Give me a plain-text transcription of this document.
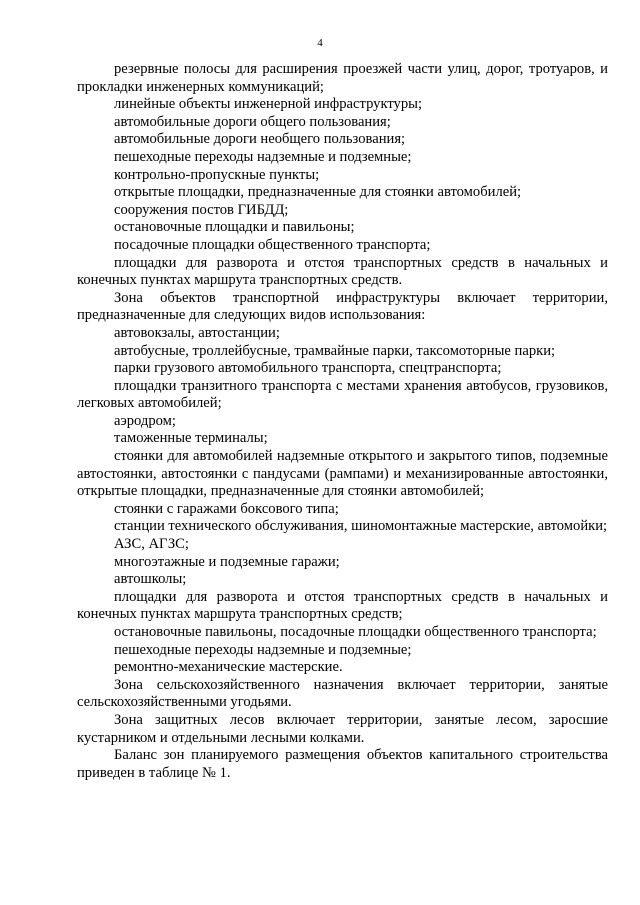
4

резервные полосы для расширения проезжей части улиц, дорог, тротуаров, и прокладки инженерных коммуникаций;

линейные объекты инженерной инфраструктуры;

автомобильные дороги общего пользования;

автомобильные дороги необщего пользования;

пешеходные переходы надземные и подземные;

контрольно-пропускные пункты;

открытые площадки, предназначенные для стоянки автомобилей;

сооружения постов ГИБДД;

остановочные площадки и павильоны;

посадочные площадки общественного транспорта;

площадки для разворота и отстоя транспортных средств в начальных и конечных пунктах маршрута транспортных средств.

Зона объектов транспортной инфраструктуры включает территории, предназначенные для следующих видов использования:

автовокзалы, автостанции;

автобусные, троллейбусные, трамвайные парки, таксомоторные парки;

парки грузового автомобильного транспорта, спецтранспорта;

площадки транзитного транспорта с местами хранения автобусов, грузовиков, легковых автомобилей;

аэродром;

таможенные терминалы;

стоянки для автомобилей надземные открытого и закрытого типов, подземные автостоянки, автостоянки с пандусами (рампами) и механизированные автостоянки, открытые площадки, предназначенные для стоянки автомобилей;

стоянки с гаражами боксового типа;

станции технического обслуживания, шиномонтажные мастерские, автомойки;

АЗС, АГЗС;

многоэтажные и подземные гаражи;

автошколы;

площадки для разворота и отстоя транспортных средств в начальных и конечных пунктах маршрута транспортных средств;

остановочные павильоны, посадочные площадки общественного транспорта;

пешеходные переходы надземные и подземные;

ремонтно-механические мастерские.

Зона сельскохозяйственного назначения включает территории, занятые сельскохозяйственными угодьями.

Зона защитных лесов включает территории, занятые лесом, заросшие кустарником и отдельными лесными колками.

Баланс зон планируемого размещения объектов капитального строительства приведен в таблице № 1.
